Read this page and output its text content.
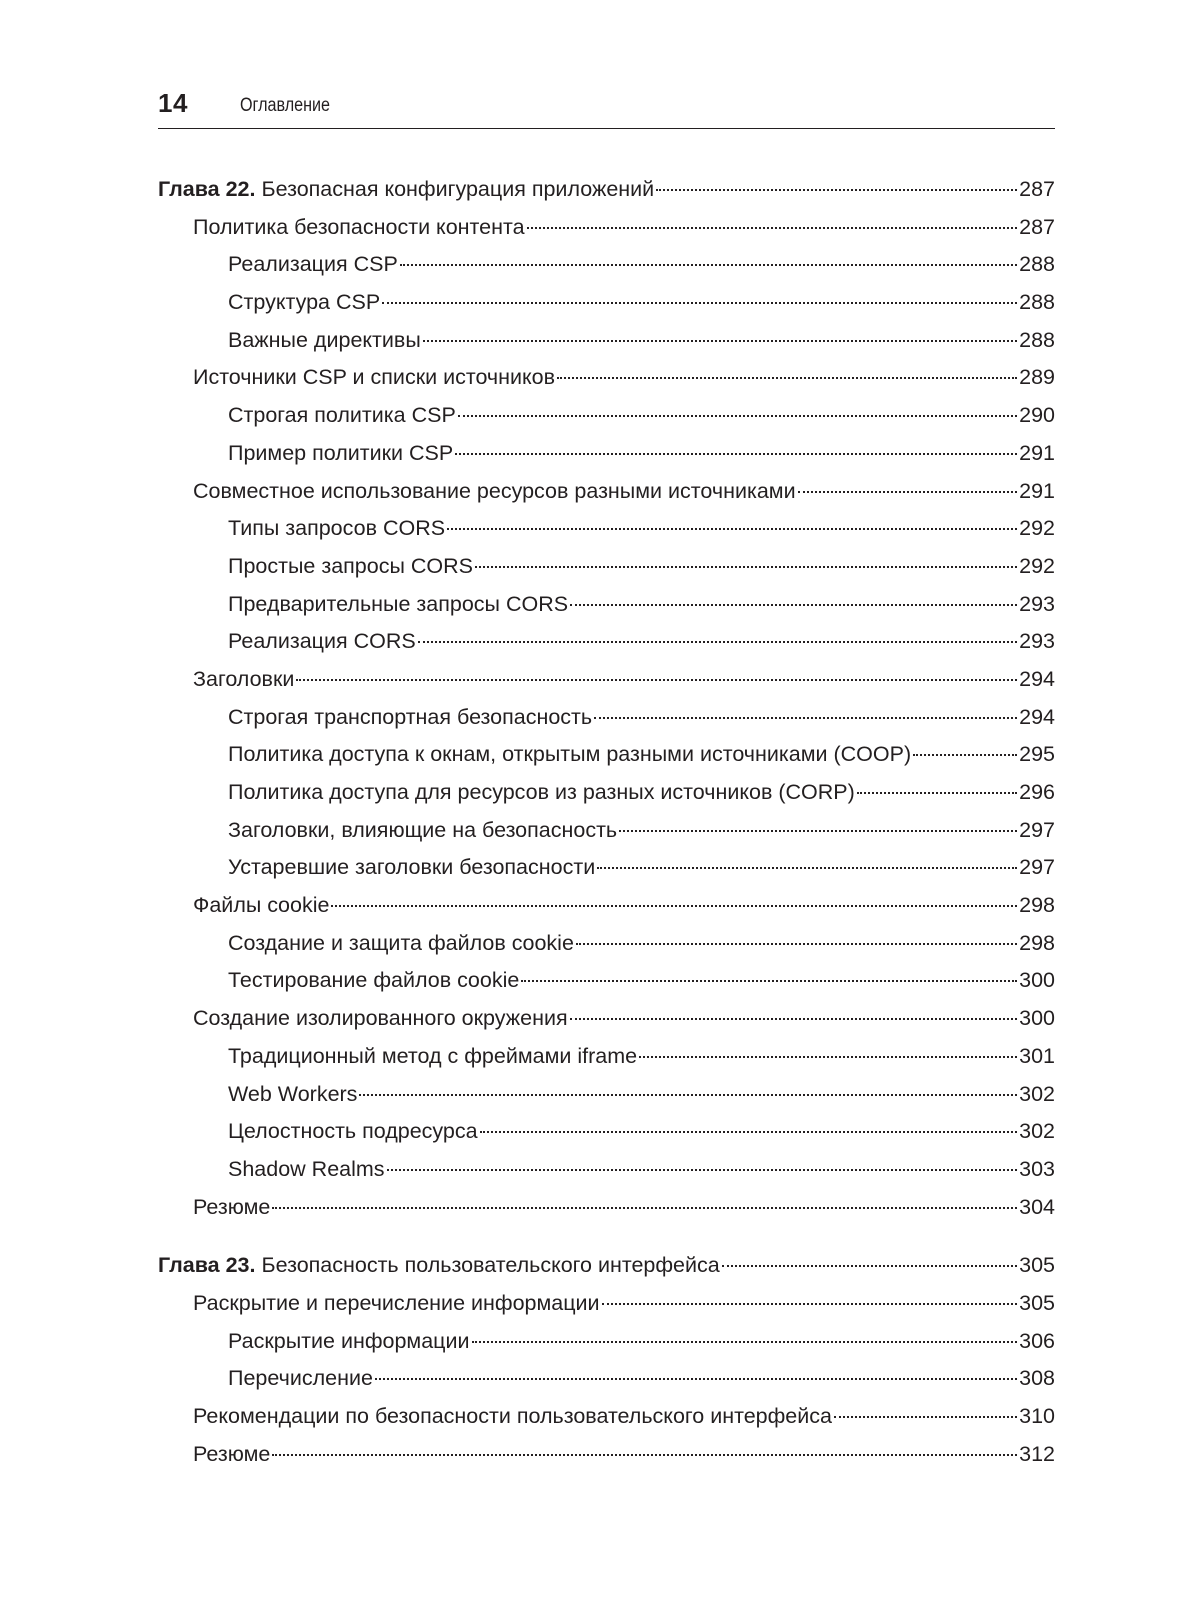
14	Оглавление
Глава 22. Безопасная конфигурация приложений	287
Политика безопасности контента	287
Реализация CSP	288
Структура CSP	288
Важные директивы	288
Источники CSP и списки источников	289
Строгая политика CSP	290
Пример политики CSP	291
Совместное использование ресурсов разными источниками	291
Типы запросов CORS	292
Простые запросы CORS	292
Предварительные запросы CORS	293
Реализация CORS	293
Заголовки	294
Строгая транспортная безопасность	294
Политика доступа к окнам, открытым разными источниками (COOP)	295
Политика доступа для ресурсов из разных источников (CORP)	296
Заголовки, влияющие на безопасность	297
Устаревшие заголовки безопасности	297
Файлы cookie	298
Создание и защита файлов cookie	298
Тестирование файлов cookie	300
Создание изолированного окружения	300
Традиционный метод с фреймами iframe	301
Web Workers	302
Целостность подресурса	302
Shadow Realms	303
Резюме	304
Глава 23. Безопасность пользовательского интерфейса	305
Раскрытие и перечисление информации	305
Раскрытие информации	306
Перечисление	308
Рекомендации по безопасности пользовательского интерфейса	310
Резюме	312
